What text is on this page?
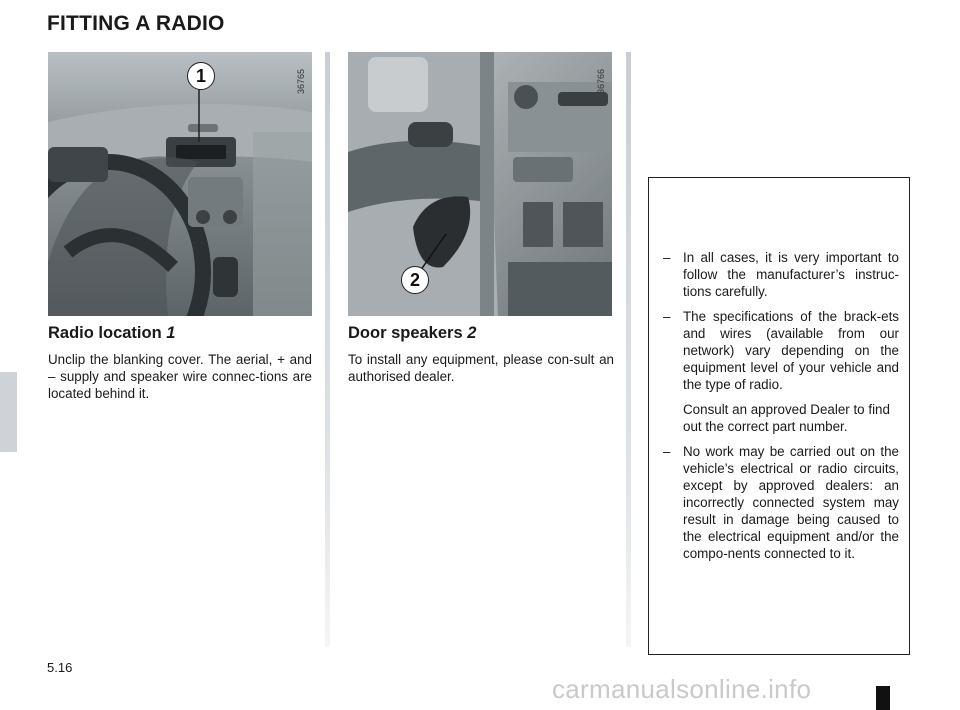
FITTING A RADIO
36765
1	36766
2
Radio location 1
Unclip the blanking cover. The aerial, + and – supply and speaker wire connec-tions are located behind it.
Door speakers 2
To install any equipment, please con-sult an authorised dealer.
– In all cases, it is very important to follow the manufacturer’s instruc-tions carefully.
– The specifications of the brack-ets and wires (available from our network) vary depending on the equipment level of your vehicle and the type of radio.
Consult an approved Dealer to find out the correct part number.
– No work may be carried out on the vehicle’s electrical or radio circuits, except by approved dealers: an incorrectly connected system may result in damage being caused to the electrical equipment and/or the compo-nents connected to it.
5.16
carmanualsonline.info
